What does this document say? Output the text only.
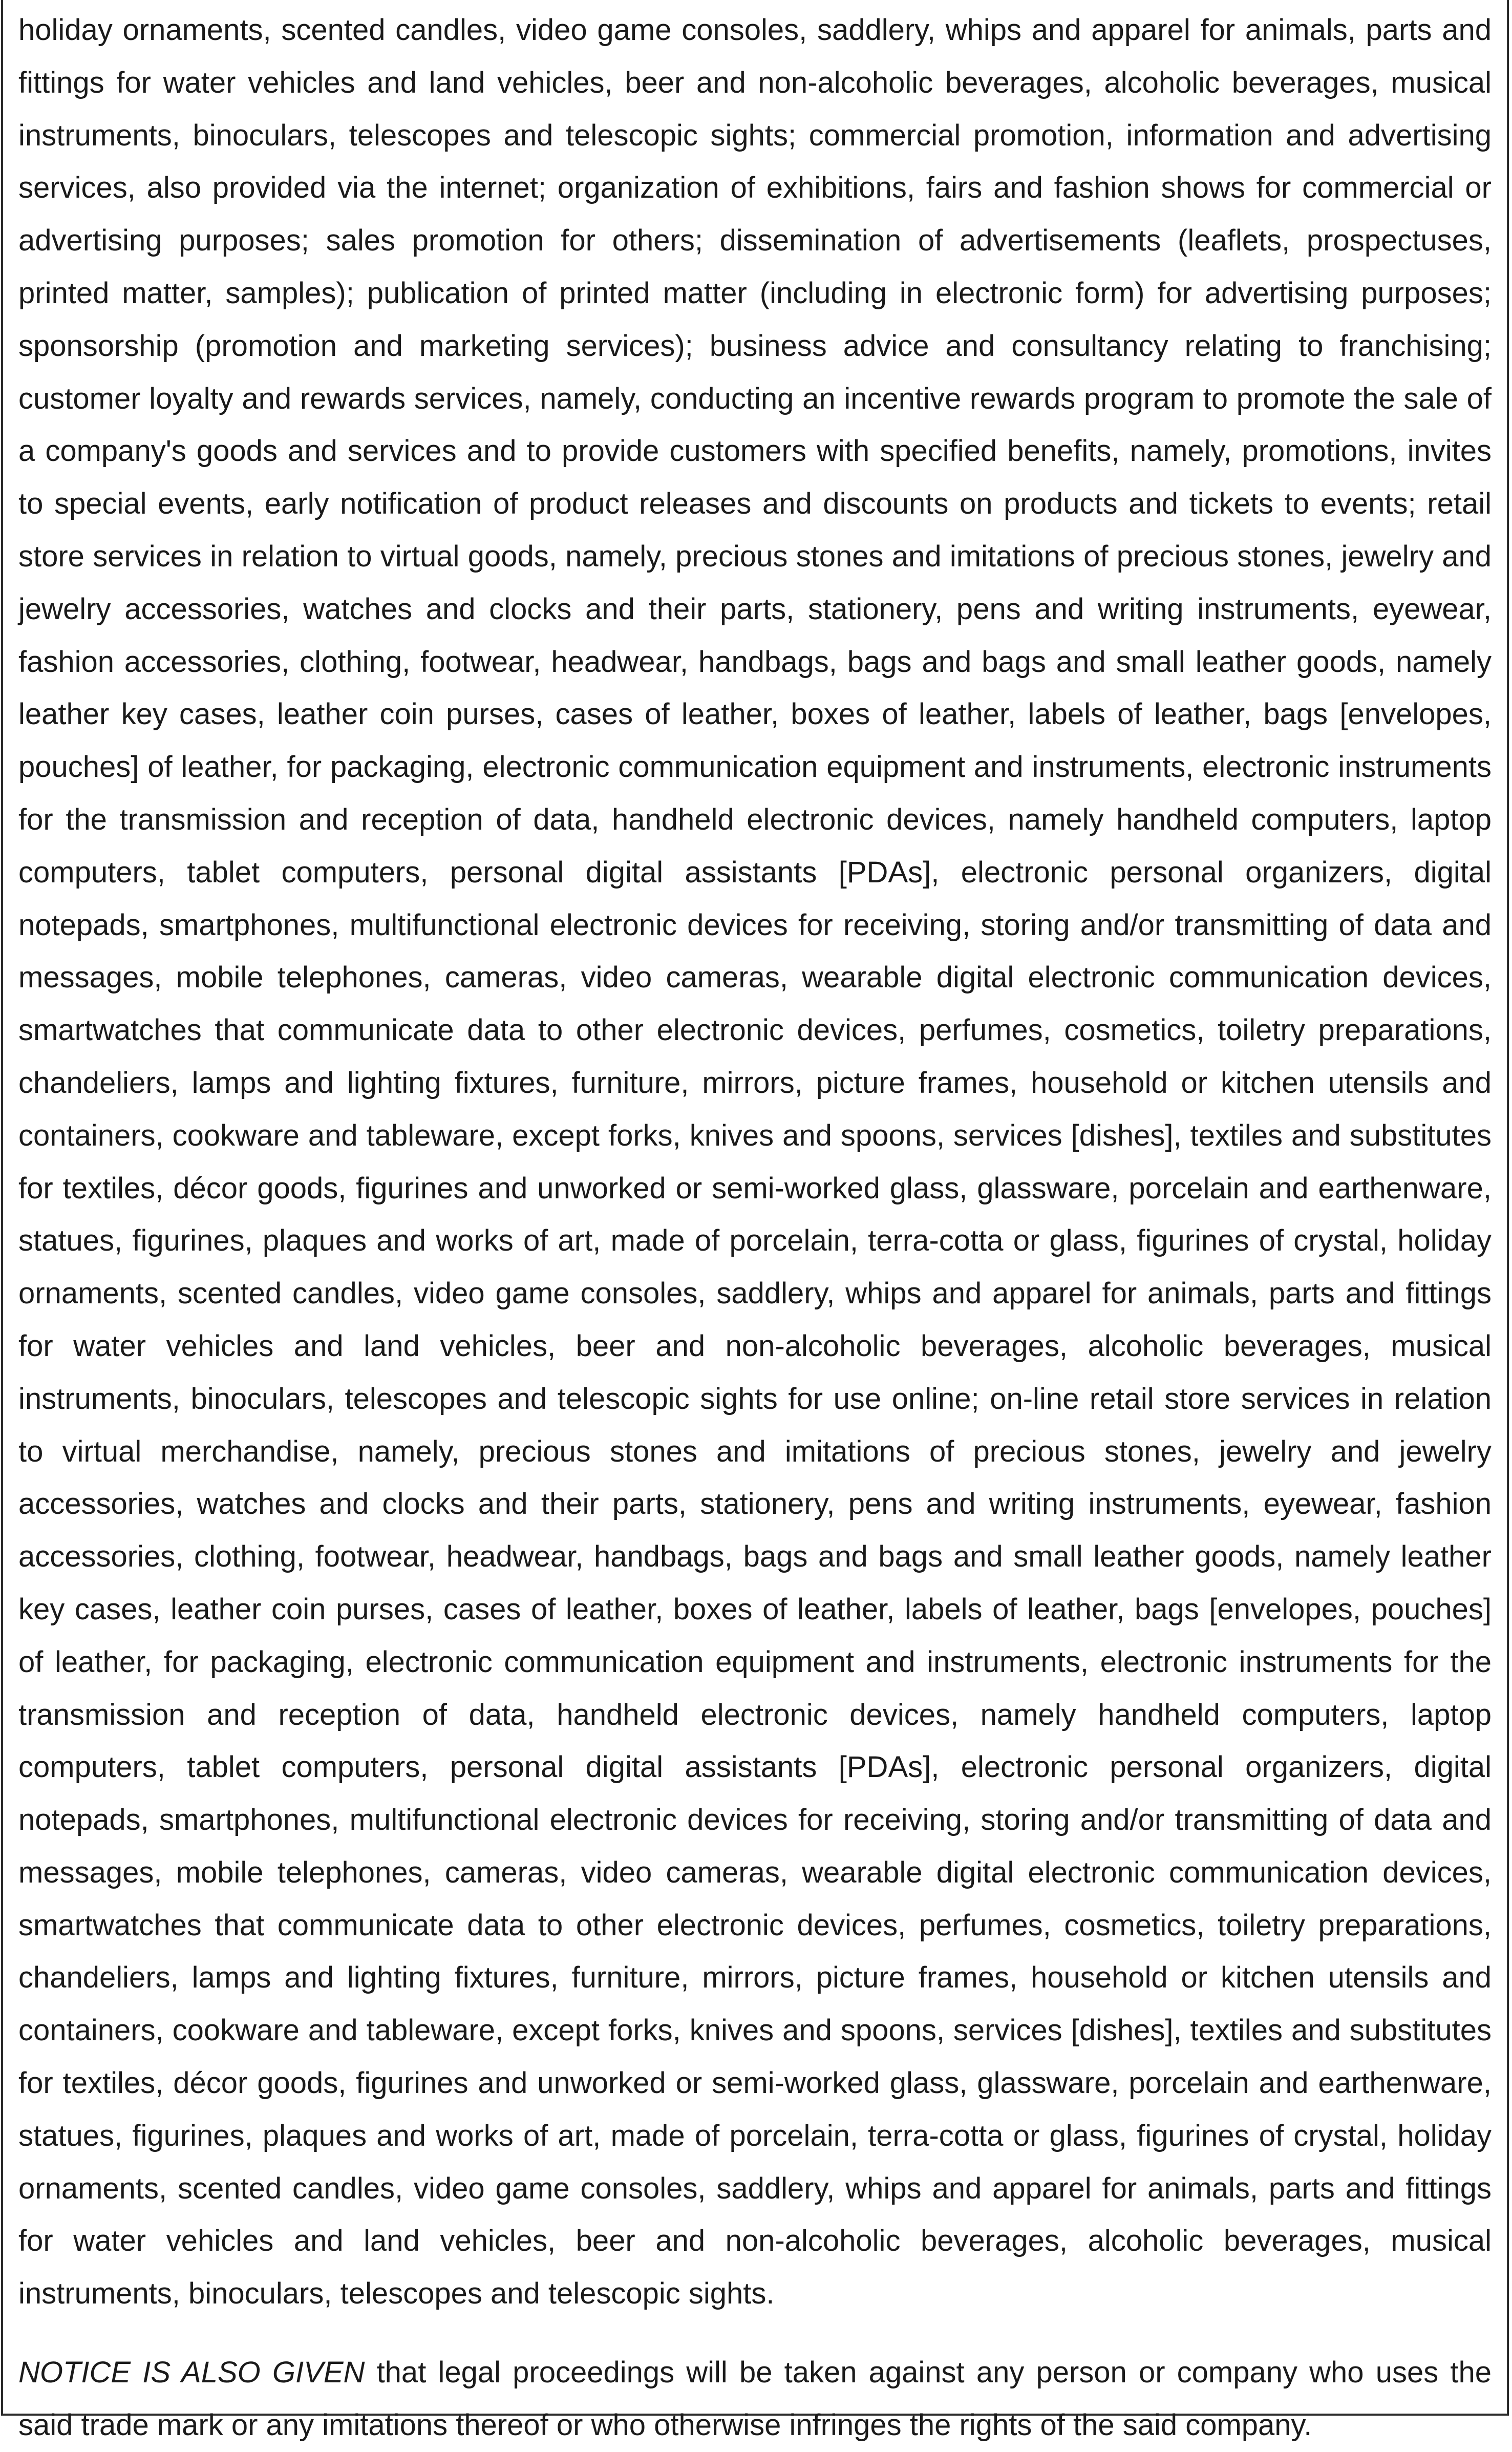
holiday ornaments, scented candles, video game consoles, saddlery, whips and apparel for animals, parts and fittings for water vehicles and land vehicles, beer and non-alcoholic beverages, alcoholic beverages, musical instruments, binoculars, telescopes and telescopic sights; commercial promotion, information and advertising services, also provided via the internet; organization of exhibitions, fairs and fashion shows for commercial or advertising purposes; sales promotion for others; dissemination of advertisements (leaflets, prospectuses, printed matter, samples); publication of printed matter (including in electronic form) for advertising purposes; sponsorship (promotion and marketing services); business advice and consultancy relating to franchising; customer loyalty and rewards services, namely, conducting an incentive rewards program to promote the sale of a company's goods and services and to provide customers with specified benefits, namely, promotions, invites to special events, early notification of product releases and discounts on products and tickets to events; retail store services in relation to virtual goods, namely, precious stones and imitations of precious stones, jewelry and jewelry accessories, watches and clocks and their parts, stationery, pens and writing instruments, eyewear, fashion accessories, clothing, footwear, headwear, handbags, bags and bags and small leather goods, namely leather key cases, leather coin purses, cases of leather, boxes of leather, labels of leather, bags [envelopes, pouches] of leather, for packaging, electronic communication equipment and instruments, electronic instruments for the transmission and reception of data, handheld electronic devices, namely handheld computers, laptop computers, tablet computers, personal digital assistants [PDAs], electronic personal organizers, digital notepads, smartphones, multifunctional electronic devices for receiving, storing and/or transmitting of data and messages, mobile telephones, cameras, video cameras, wearable digital electronic communication devices, smartwatches that communicate data to other electronic devices, perfumes, cosmetics, toiletry preparations, chandeliers, lamps and lighting fixtures, furniture, mirrors, picture frames, household or kitchen utensils and containers, cookware and tableware, except forks, knives and spoons, services [dishes], textiles and substitutes for textiles, décor goods, figurines and unworked or semi-worked glass, glassware, porcelain and earthenware, statues, figurines, plaques and works of art, made of porcelain, terra-cotta or glass, figurines of crystal, holiday ornaments, scented candles, video game consoles, saddlery, whips and apparel for animals, parts and fittings for water vehicles and land vehicles, beer and non-alcoholic beverages, alcoholic beverages, musical instruments, binoculars, telescopes and telescopic sights for use online; on-line retail store services in relation to virtual merchandise, namely, precious stones and imitations of precious stones, jewelry and jewelry accessories, watches and clocks and their parts, stationery, pens and writing instruments, eyewear, fashion accessories, clothing, footwear, headwear, handbags, bags and bags and small leather goods, namely leather key cases, leather coin purses, cases of leather, boxes of leather, labels of leather, bags [envelopes, pouches] of leather, for packaging, electronic communication equipment and instruments, electronic instruments for the transmission and reception of data, handheld electronic devices, namely handheld computers, laptop computers, tablet computers, personal digital assistants [PDAs], electronic personal organizers, digital notepads, smartphones, multifunctional electronic devices for receiving, storing and/or transmitting of data and messages, mobile telephones, cameras, video cameras, wearable digital electronic communication devices, smartwatches that communicate data to other electronic devices, perfumes, cosmetics, toiletry preparations, chandeliers, lamps and lighting fixtures, furniture, mirrors, picture frames, household or kitchen utensils and containers, cookware and tableware, except forks, knives and spoons, services [dishes], textiles and substitutes for textiles, décor goods, figurines and unworked or semi-worked glass, glassware, porcelain and earthenware, statues, figurines, plaques and works of art, made of porcelain, terra-cotta or glass, figurines of crystal, holiday ornaments, scented candles, video game consoles, saddlery, whips and apparel for animals, parts and fittings for water vehicles and land vehicles, beer and non-alcoholic beverages, alcoholic beverages, musical instruments, binoculars, telescopes and telescopic sights.

NOTICE IS ALSO GIVEN that legal proceedings will be taken against any person or company who uses the said trade mark or any imitations thereof or who otherwise infringes the rights of the said company.
